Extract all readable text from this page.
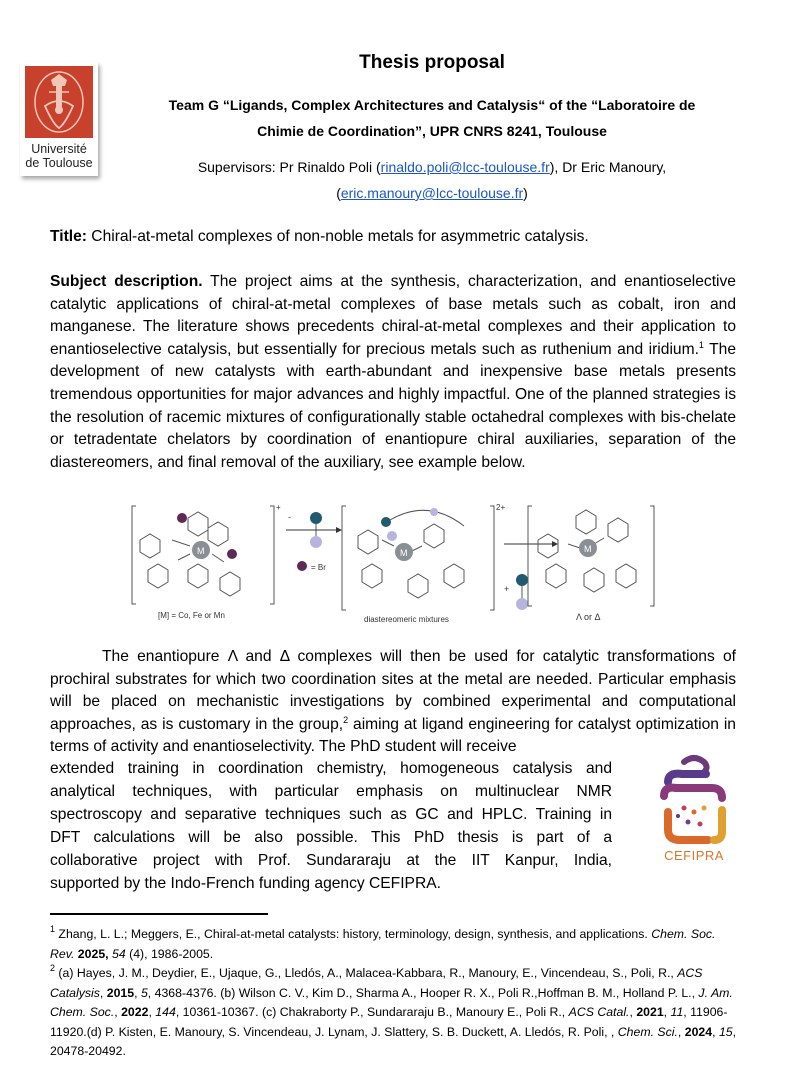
Université
de Toulouse
Thesis proposal
Team G “Ligands, Complex Architectures and Catalysis“ of the “Laboratoire de
Chimie de Coordination”, UPR CNRS 8241, Toulouse
Supervisors: Pr Rinaldo Poli (rinaldo.poli@lcc-toulouse.fr), Dr Eric Manoury,
(eric.manoury@lcc-toulouse.fr)
Title: Chiral-at-metal complexes of non-noble metals for asymmetric catalysis.
Subject description. The project aims at the synthesis, characterization, and enantioselective catalytic applications of chiral-at-metal complexes of base metals such as cobalt, iron and manganese. The literature shows precedents chiral-at-metal complexes and their application to enantioselective catalysis, but essentially for precious metals such as ruthenium and iridium.$^1$ The development of new catalysts with earth-abundant and inexpensive base metals presents tremendous opportunities for major advances and highly impactful. One of the planned strategies is the resolution of racemic mixtures of configurationally stable octahedral complexes with bis-chelate or tetradentate chelators by coordination of enantiopure chiral auxiliaries, separation of the diastereomers, and final removal of the auxiliary, see example below.
M
+
[M] = Co, Fe or Mn
-
= Br
M
2+
diastereomeric mixtures
+
M
Λ or Δ
The enantiopure Λ and Δ complexes will then be used for catalytic transformations of prochiral substrates for which two coordination sites at the metal are needed. Particular emphasis will be placed on mechanistic investigations by combined experimental and computational approaches, as is customary in the group,$^2$ aiming at ligand engineering for catalyst optimization in terms of activity and enantioselectivity. The PhD student will receive
extended training in coordination chemistry, homogeneous catalysis and
analytical techniques, with particular emphasis on multinuclear NMR
spectroscopy and separative techniques such as GC and HPLC. Training in
DFT calculations will be also possible. This PhD thesis is part of a
collaborative project with Prof. Sundararaju at the IIT Kanpur, India,
supported by the Indo-French funding agency CEFIPRA.
CEFIPRA
$^1$ Zhang, L. L.; Meggers, E., Chiral-at-metal catalysts: history, terminology, design, synthesis, and applications. Chem. Soc. Rev. 2025, 54 (4), 1986-2005.
$^2$ (a) Hayes, J. M., Deydier, E., Ujaque, G., Lledós, A., Malacea-Kabbara, R., Manoury, E., Vincendeau, S., Poli, R., ACS Catalysis, 2015, 5, 4368-4376. (b) Wilson C. V., Kim D., Sharma A., Hooper R. X., Poli R.,Hoffman B. M., Holland P. L., J. Am. Chem. Soc., 2022, 144, 10361-10367. (c) Chakraborty P., Sundararaju B., Manoury E., Poli R., ACS Catal., 2021, 11, 11906-11920.(d) P. Kisten, E. Manoury, S. Vincendeau, J. Lynam, J. Slattery, S. B. Duckett, A. Lledós, R. Poli, , Chem. Sci., 2024, 15, 20478-20492.
